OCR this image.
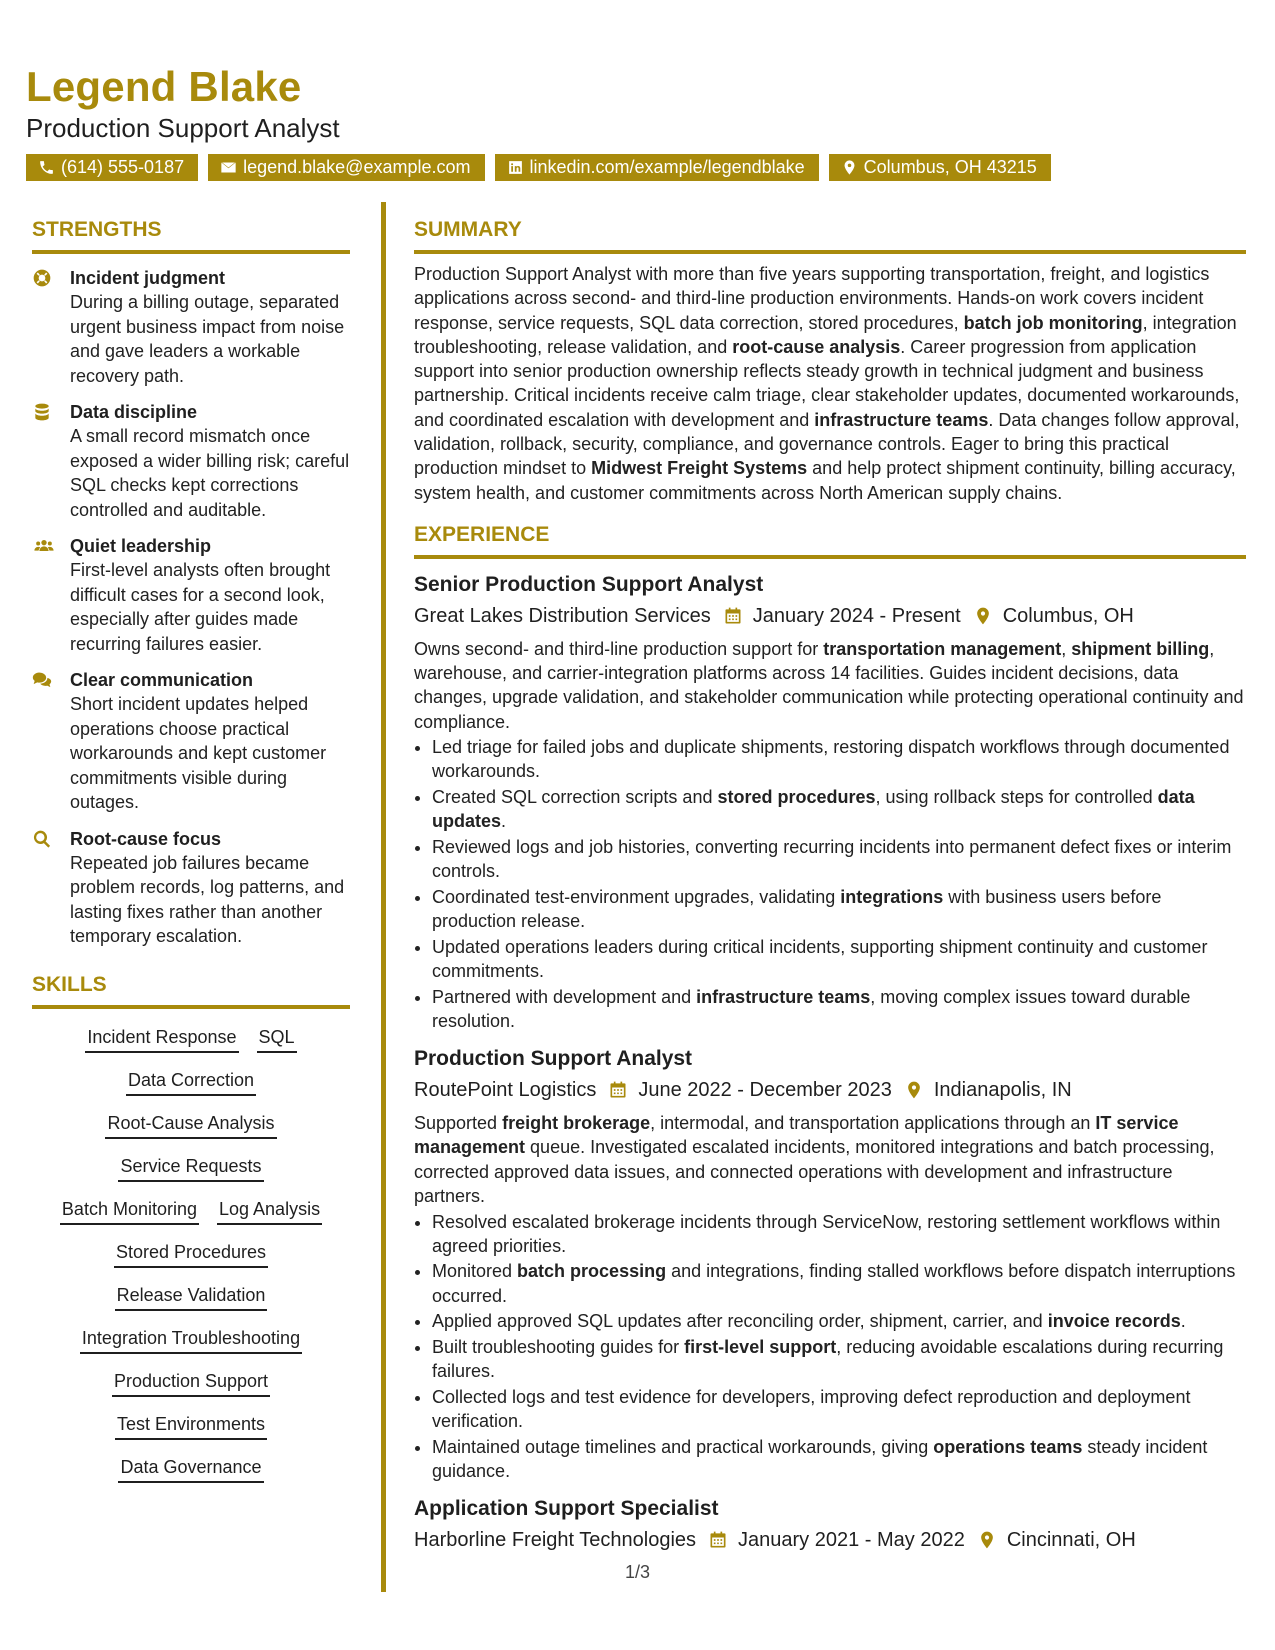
Legend Blake
Production Support Analyst
(614) 555-0187	legend.blake@example.com	linkedin.com/example/legendblake	Columbus, OH 43215
STRENGTHS
Incident judgment
During a billing outage, separated urgent business impact from noise and gave leaders a workable recovery path.
Data discipline
A small record mismatch once exposed a wider billing risk; careful SQL checks kept corrections controlled and auditable.
Quiet leadership
First-level analysts often brought difficult cases for a second look, especially after guides made recurring failures easier.
Clear communication
Short incident updates helped operations choose practical workarounds and kept customer commitments visible during outages.
Root-cause focus
Repeated job failures became problem records, log patterns, and lasting fixes rather than another temporary escalation.
SKILLS
Incident Response SQL
Data Correction
Root-Cause Analysis
Service Requests
Batch Monitoring Log Analysis
Stored Procedures
Release Validation
Integration Troubleshooting
Production Support
Test Environments
Data Governance
SUMMARY
Production Support Analyst with more than five years supporting transportation, freight, and logistics applications across second- and third-line production environments. Hands-on work covers incident response, service requests, SQL data correction, stored procedures, batch job monitoring, integration troubleshooting, release validation, and root-cause analysis. Career progression from application support into senior production ownership reflects steady growth in technical judgment and business partnership. Critical incidents receive calm triage, clear stakeholder updates, documented workarounds, and coordinated escalation with development and infrastructure teams. Data changes follow approval, validation, rollback, security, compliance, and governance controls. Eager to bring this practical production mindset to Midwest Freight Systems and help protect shipment continuity, billing accuracy, system health, and customer commitments across North American supply chains.
EXPERIENCE
Senior Production Support Analyst
Great Lakes Distribution Services January 2024 - Present Columbus, OH
Owns second- and third-line production support for transportation management, shipment billing, warehouse, and carrier-integration platforms across 14 facilities. Guides incident decisions, data changes, upgrade validation, and stakeholder communication while protecting operational continuity and compliance.
• Led triage for failed jobs and duplicate shipments, restoring dispatch workflows through documented workarounds.
• Created SQL correction scripts and stored procedures, using rollback steps for controlled data updates.
• Reviewed logs and job histories, converting recurring incidents into permanent defect fixes or interim controls.
• Coordinated test-environment upgrades, validating integrations with business users before production release.
• Updated operations leaders during critical incidents, supporting shipment continuity and customer commitments.
• Partnered with development and infrastructure teams, moving complex issues toward durable resolution.
Production Support Analyst
RoutePoint Logistics June 2022 - December 2023 Indianapolis, IN
Supported freight brokerage, intermodal, and transportation applications through an IT service management queue. Investigated escalated incidents, monitored integrations and batch processing, corrected approved data issues, and connected operations with development and infrastructure partners.
• Resolved escalated brokerage incidents through ServiceNow, restoring settlement workflows within agreed priorities.
• Monitored batch processing and integrations, finding stalled workflows before dispatch interruptions occurred.
• Applied approved SQL updates after reconciling order, shipment, carrier, and invoice records.
• Built troubleshooting guides for first-level support, reducing avoidable escalations during recurring failures.
• Collected logs and test evidence for developers, improving defect reproduction and deployment verification.
• Maintained outage timelines and practical workarounds, giving operations teams steady incident guidance.
Application Support Specialist
Harborline Freight Technologies January 2021 - May 2022 Cincinnati, OH
1/3
